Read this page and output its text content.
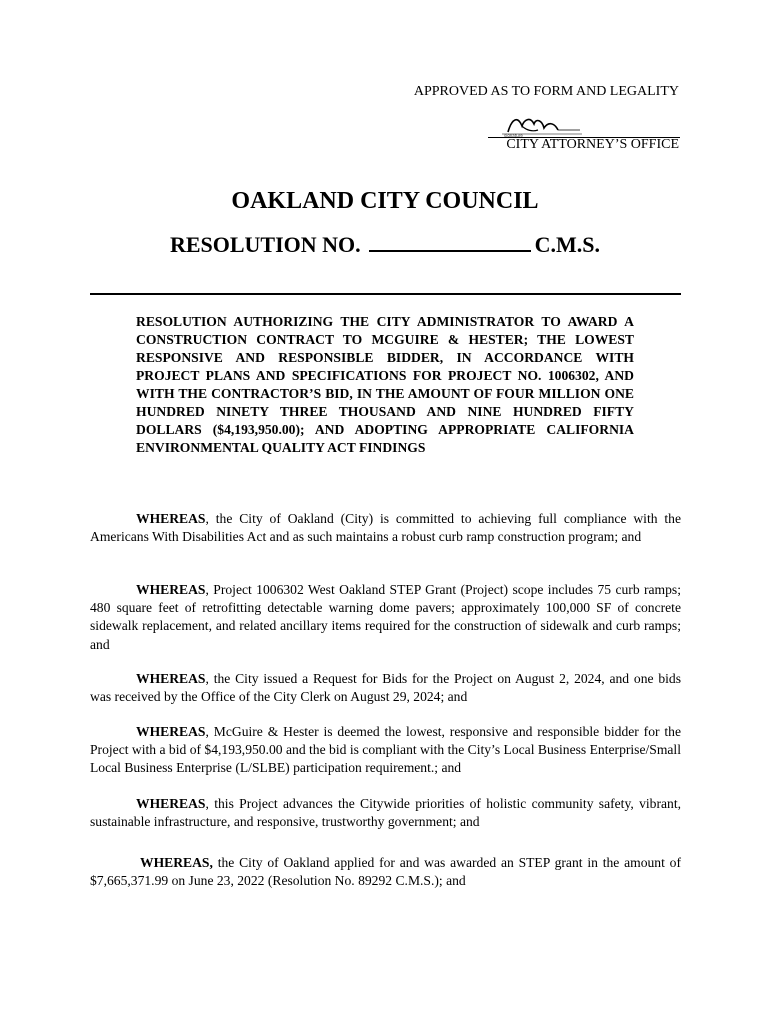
APPROVED AS TO FORM AND LEGALITY
signature
CITY ATTORNEY’S OFFICE
OAKLAND CITY COUNCIL
RESOLUTION NO.	C.M.S.
RESOLUTION AUTHORIZING THE CITY ADMINISTRATOR TO AWARD A CONSTRUCTION CONTRACT TO MCGUIRE & HESTER; THE LOWEST RESPONSIVE AND RESPONSIBLE BIDDER, IN ACCORDANCE WITH PROJECT PLANS AND SPECIFICATIONS FOR PROJECT NO. 1006302, AND WITH THE CONTRACTOR’S BID, IN THE AMOUNT OF FOUR MILLION ONE HUNDRED NINETY THREE THOUSAND AND NINE HUNDRED FIFTY DOLLARS ($4,193,950.00); AND ADOPTING APPROPRIATE CALIFORNIA ENVIRONMENTAL QUALITY ACT FINDINGS
WHEREAS, the City of Oakland (City) is committed to achieving full compliance with the Americans With Disabilities Act and as such maintains a robust curb ramp construction program; and
WHEREAS, Project 1006302 West Oakland STEP Grant (Project) scope includes 75 curb ramps; 480 square feet of retrofitting detectable warning dome pavers; approximately 100,000 SF of concrete sidewalk replacement, and related ancillary items required for the construction of sidewalk and curb ramps; and
WHEREAS, the City issued a Request for Bids for the Project on August 2, 2024, and one bids was received by the Office of the City Clerk on August 29, 2024; and
WHEREAS, McGuire & Hester is deemed the lowest, responsive and responsible bidder for the Project with a bid of $4,193,950.00 and the bid is compliant with the City’s Local Business Enterprise/Small Local Business Enterprise (L/SLBE) participation requirement.; and
WHEREAS, this Project advances the Citywide priorities of holistic community safety, vibrant, sustainable infrastructure, and responsive, trustworthy government; and
WHEREAS, the City of Oakland applied for and was awarded an STEP grant in the amount of $7,665,371.99 on June 23, 2022 (Resolution No. 89292 C.M.S.); and
